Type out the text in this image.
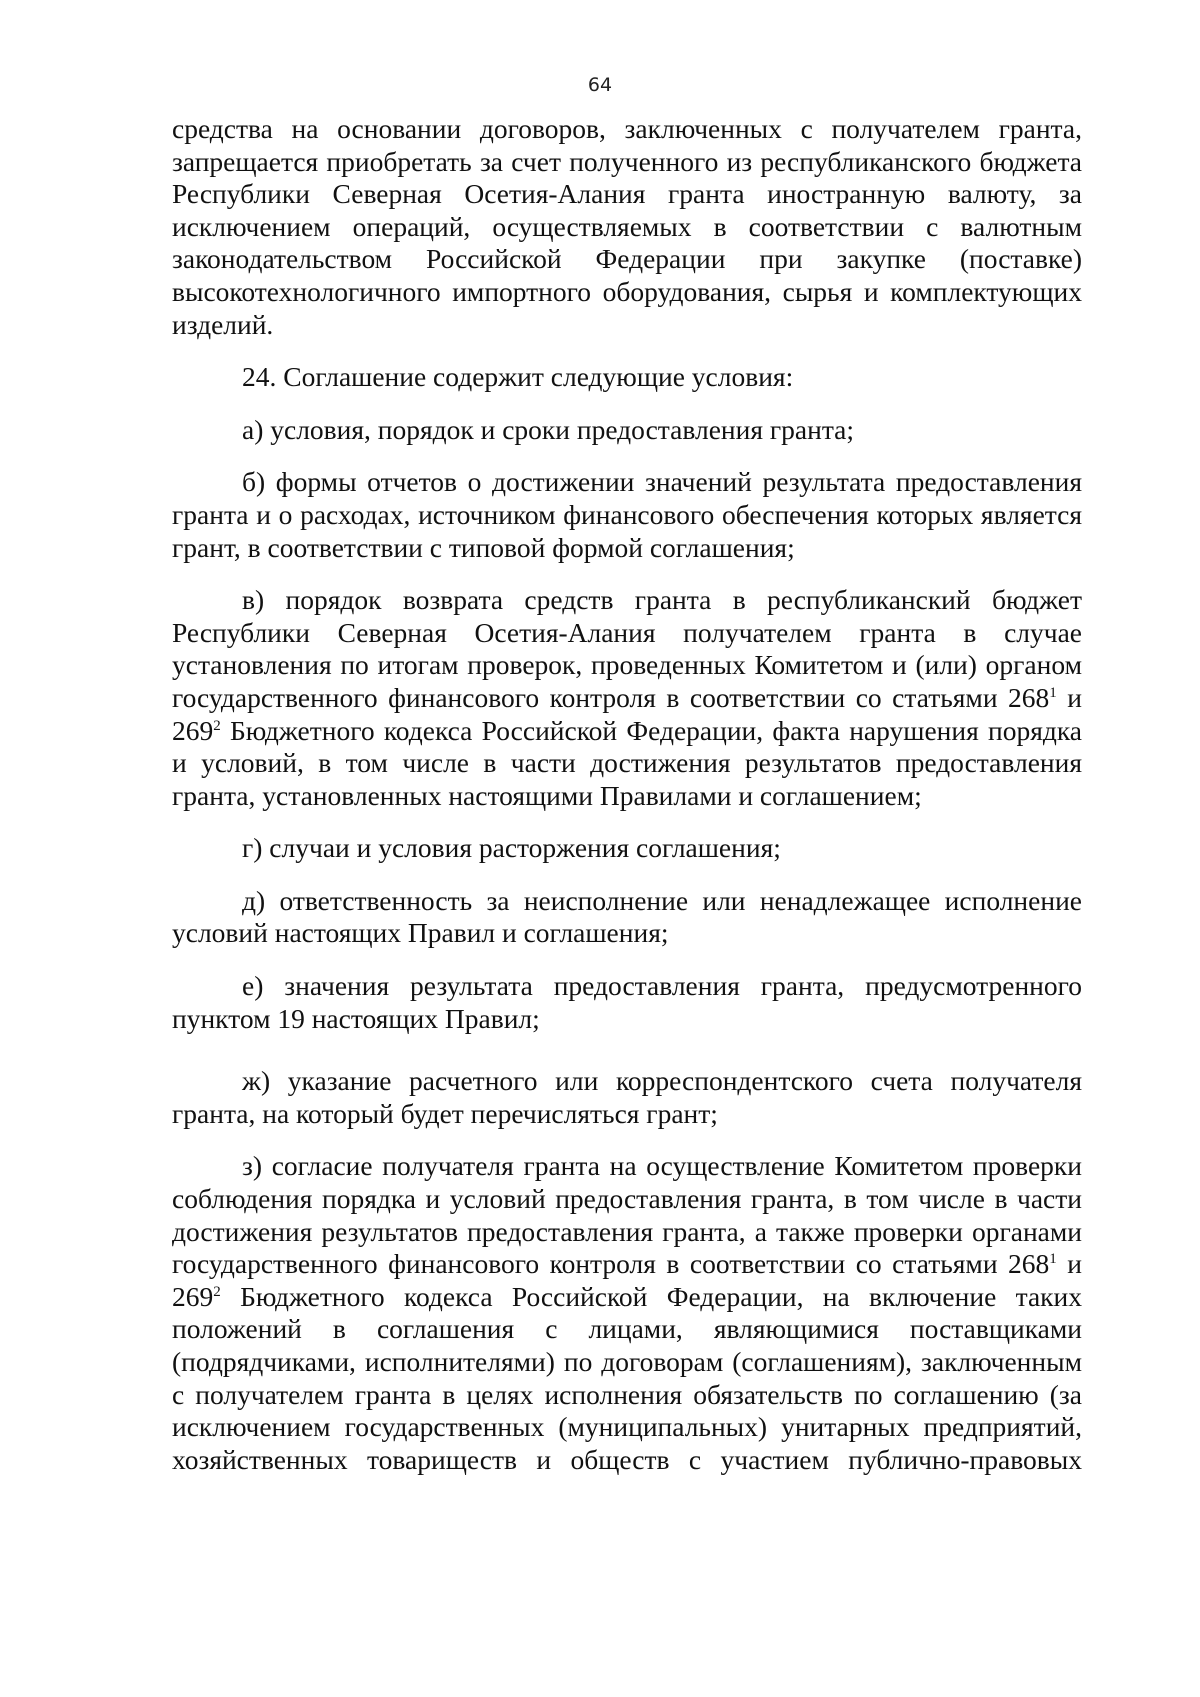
64

средства на основании договоров, заключенных с получателем гранта, запрещается приобретать за счет полученного из республиканского бюджета Республики Северная Осетия-Алания гранта иностранную валюту, за исключением операций, осуществляемых в соответствии с валютным законодательством Российской Федерации при закупке (поставке) высокотехнологичного импортного оборудования, сырья и комплектующих изделий.

24. Соглашение содержит следующие условия:

а) условия, порядок и сроки предоставления гранта;

б) формы отчетов о достижении значений результата предоставления гранта и о расходах, источником финансового обеспечения которых является грант, в соответствии с типовой формой соглашения;

в) порядок возврата средств гранта в республиканский бюджет Республики Северная Осетия-Алания получателем гранта в случае установления по итогам проверок, проведенных Комитетом и (или) органом государственного финансового контроля в соответствии со статьями $268^1$ и $269^2$ Бюджетного кодекса Российской Федерации, факта нарушения порядка и условий, в том числе в части достижения результатов предоставления гранта, установленных настоящими Правилами и соглашением;

г) случаи и условия расторжения соглашения;

д) ответственность за неисполнение или ненадлежащее исполнение условий настоящих Правил и соглашения;

е) значения результата предоставления гранта, предусмотренного пунктом 19 настоящих Правил;

ж) указание расчетного или корреспондентского счета получателя гранта, на который будет перечисляться грант;

з) согласие получателя гранта на осуществление Комитетом проверки соблюдения порядка и условий предоставления гранта, в том числе в части достижения результатов предоставления гранта, а также проверки органами государственного финансового контроля в соответствии со статьями $268^1$ и $269^2$ Бюджетного кодекса Российской Федерации, на включение таких положений в соглашения с лицами, являющимися поставщиками (подрядчиками, исполнителями) по договорам (соглашениям), заключенным с получателем гранта в целях исполнения обязательств по соглашению (за исключением государственных (муниципальных) унитарных предприятий, хозяйственных товариществ и обществ с участием публично-правовых
